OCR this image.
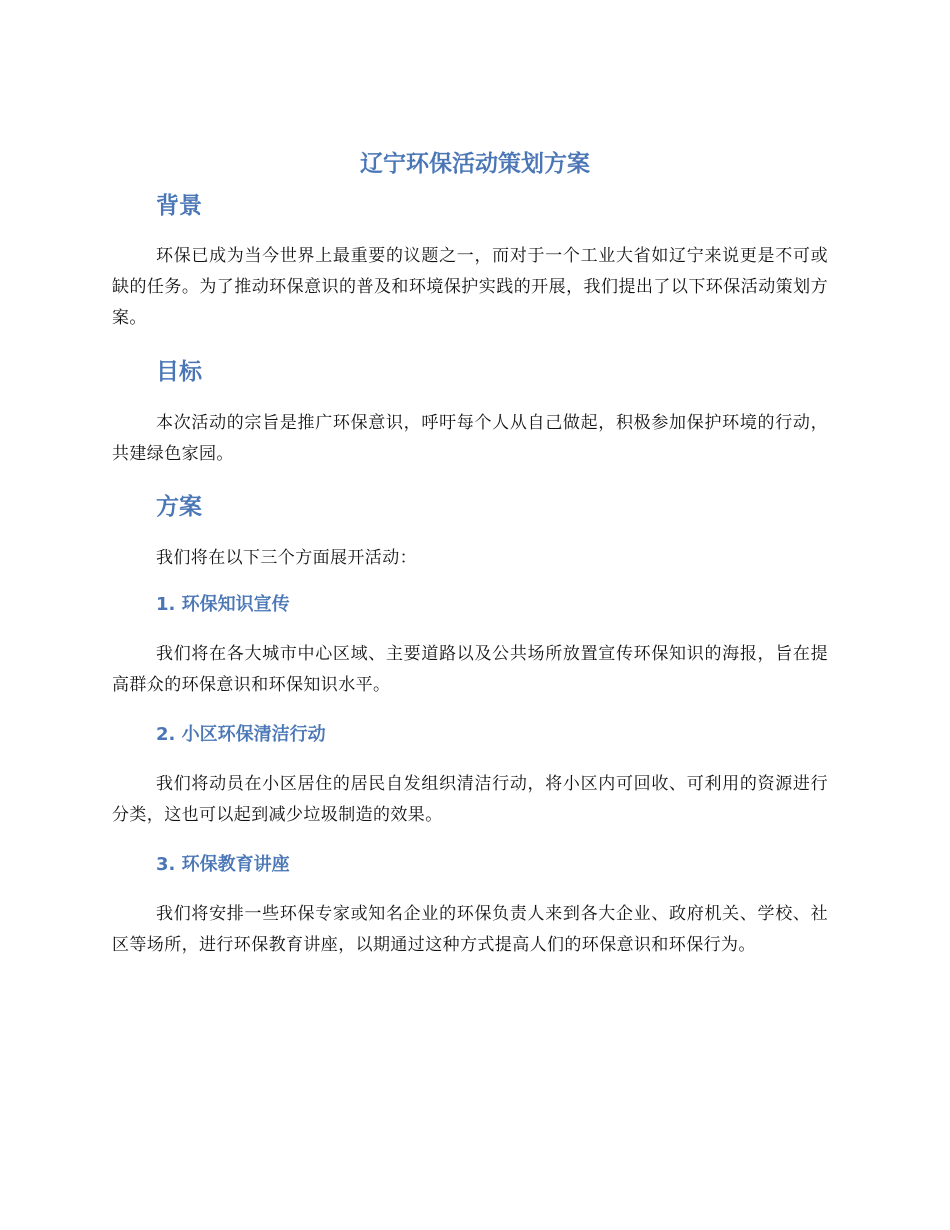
辽宁环保活动策划方案
背景

环保已成为当今世界上最重要的议题之一，而对于一个工业大省如辽宁来说更是不可或缺的任务。为了推动环保意识的普及和环境保护实践的开展，我们提出了以下环保活动策划方案。

目标

本次活动的宗旨是推广环保意识，呼吁每个人从自己做起，积极参加保护环境的行动，共建绿色家园。

方案

我们将在以下三个方面展开活动：

1. 环保知识宣传

我们将在各大城市中心区域、主要道路以及公共场所放置宣传环保知识的海报，旨在提高群众的环保意识和环保知识水平。

2. 小区环保清洁行动

我们将动员在小区居住的居民自发组织清洁行动，将小区内可回收、可利用的资源进行分类，这也可以起到减少垃圾制造的效果。

3. 环保教育讲座

我们将安排一些环保专家或知名企业的环保负责人来到各大企业、政府机关、学校、社区等场所，进行环保教育讲座，以期通过这种方式提高人们的环保意识和环保行为。
